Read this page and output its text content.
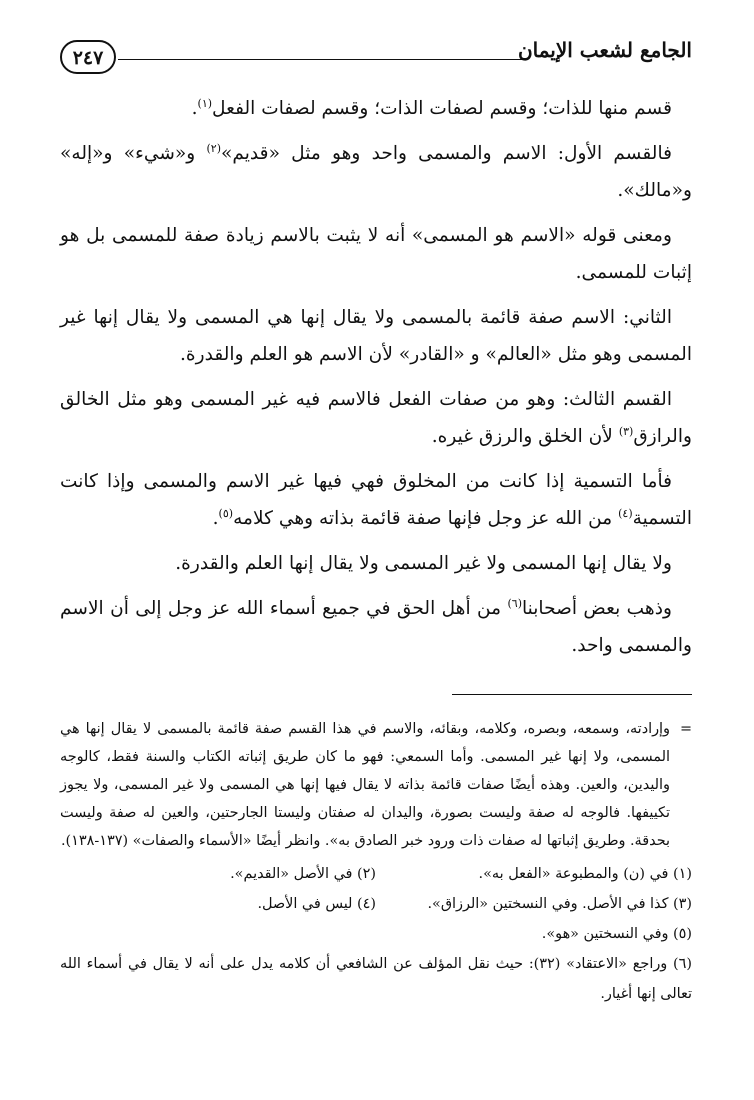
الجامع لشعب الإيمان
٢٤٧

قسم منها للذات؛ وقسم لصفات الذات؛ وقسم لصفات الفعل$^{(١)}$.

فالقسم الأول: الاسم والمسمى واحد وهو مثل «قديم»$^{(٢)}$ و«شيء» و«إله» و«مالك».

ومعنى قوله «الاسم هو المسمى» أنه لا يثبت بالاسم زيادة صفة للمسمى بل هو إثبات للمسمى.

الثاني: الاسم صفة قائمة بالمسمى ولا يقال إنها هي المسمى ولا يقال إنها غير المسمى وهو مثل «العالم» و «القادر» لأن الاسم هو العلم والقدرة.

القسم الثالث: وهو من صفات الفعل فالاسم فيه غير المسمى وهو مثل الخالق والرازق$^{(٣)}$ لأن الخلق والرزق غيره.

فأما التسمية إذا كانت من المخلوق فهي فيها غير الاسم والمسمى وإذا كانت التسمية$^{(٤)}$ من الله عز وجل فإنها صفة قائمة بذاته وهي كلامه$^{(٥)}$.

ولا يقال إنها المسمى ولا غير المسمى ولا يقال إنها العلم والقدرة.

وذهب بعض أصحابنا$^{(٦)}$ من أهل الحق في جميع أسماء الله عز وجل إلى أن الاسم والمسمى واحد.

=
وإرادته، وسمعه، وبصره، وكلامه، وبقائه، والاسم في هذا القسم صفة قائمة بالمسمى لا يقال إنها هي المسمى، ولا إنها غير المسمى. وأما السمعي: فهو ما كان طريق إثباته الكتاب والسنة فقط، كالوجه واليدين، والعين. وهذه أيضًا صفات قائمة بذاته لا يقال فيها إنها هي المسمى ولا غير المسمى، ولا يجوز تكييفها. فالوجه له صفة وليست بصورة، واليدان له صفتان وليستا الجارحتين، والعين له صفة وليست بحدقة. وطريق إثباتها له صفات ذات ورود خبر الصادق به». وانظر أيضًا «الأسماء والصفات» (١٣٧-١٣٨).

(١) في (ن) والمطبوعة «الفعل به».
(٢) في الأصل «القديم».
(٣) كذا في الأصل. وفي النسختين «الرزاق».
(٤) ليس في الأصل.

(٥) وفي النسختين «هو».

(٦) وراجع «الاعتقاد» (٣٢): حيث نقل المؤلف عن الشافعي أن كلامه يدل على أنه لا يقال في أسماء الله تعالى إنها أغيار.
